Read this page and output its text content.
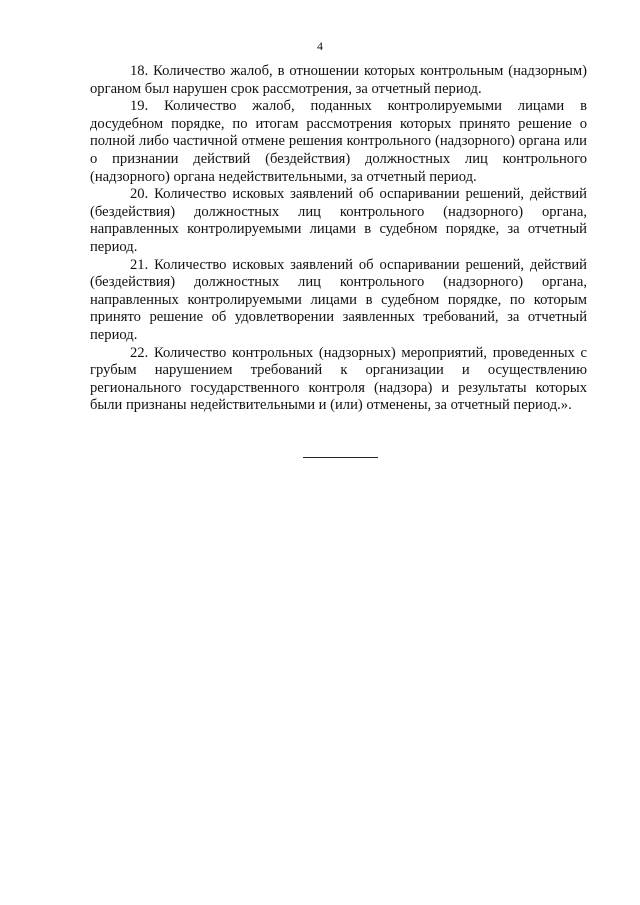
4

18. Количество жалоб, в отношении которых контрольным (надзорным) органом был нарушен срок рассмотрения, за отчетный период.

19. Количество жалоб, поданных контролируемыми лицами в досудебном порядке, по итогам рассмотрения которых принято решение о полной либо частичной отмене решения контрольного (надзорного) органа или о признании действий (бездействия) должностных лиц контрольного (надзорного) органа недействительными, за отчетный период.

20. Количество исковых заявлений об оспаривании решений, действий (бездействия) должностных лиц контрольного (надзорного) органа, направленных контролируемыми лицами в судебном порядке, за отчетный период.

21. Количество исковых заявлений об оспаривании решений, действий (бездействия) должностных лиц контрольного (надзорного) органа, направленных контролируемыми лицами в судебном порядке, по которым принято решение об удовлетворении заявленных требований, за отчетный период.

22. Количество контрольных (надзорных) мероприятий, проведенных с грубым нарушением требований к организации и осуществлению регионального государственного контроля (надзора) и результаты которых были признаны недействительными и (или) отменены, за отчетный период.».
